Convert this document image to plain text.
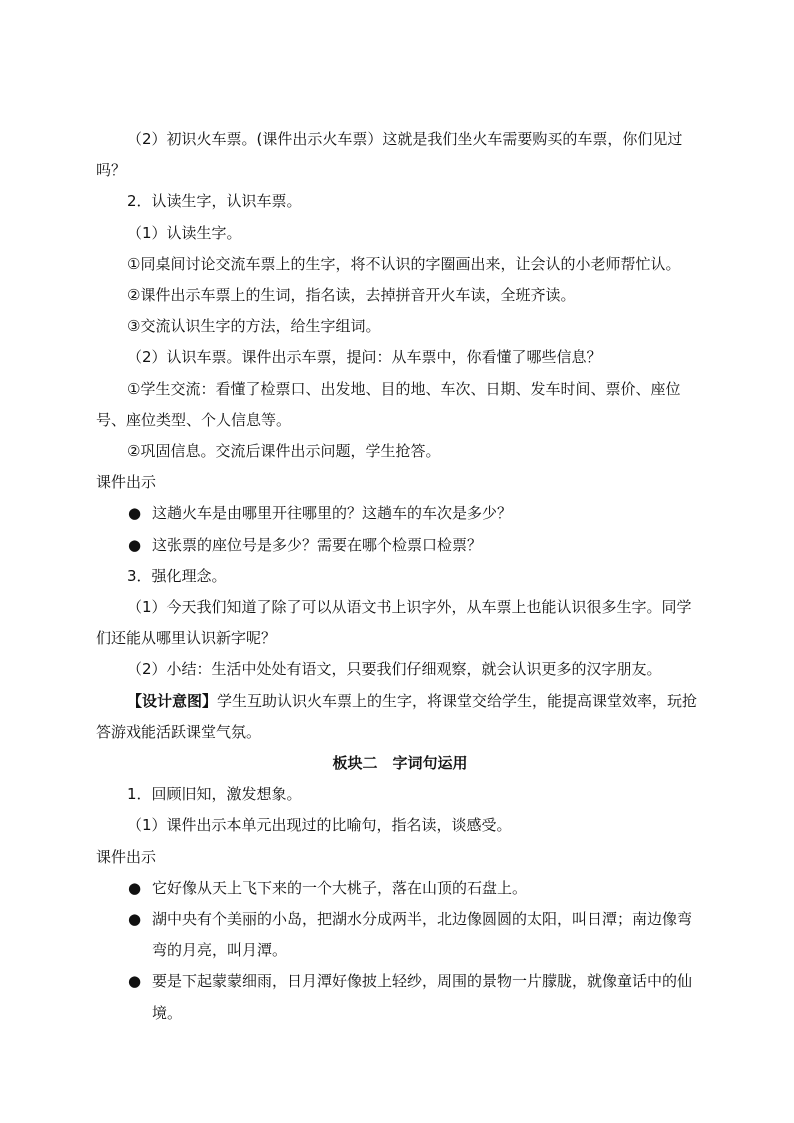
（2）初识火车票。(课件出示火车票）这就是我们坐火车需要购买的车票，你们见过吗？

2．认读生字，认识车票。

（1）认读生字。

①同桌间讨论交流车票上的生字，将不认识的字圈画出来，让会认的小老师帮忙认。

②课件出示车票上的生词，指名读，去掉拼音开火车读，全班齐读。

③交流认识生字的方法，给生字组词。

（2）认识车票。课件出示车票，提问：从车票中，你看懂了哪些信息？

①学生交流：看懂了检票口、出发地、目的地、车次、日期、发车时间、票价、座位号、座位类型、个人信息等。

②巩固信息。交流后课件出示问题，学生抢答。

课件出示

● 这趟火车是由哪里开往哪里的？这趟车的车次是多少？

● 这张票的座位号是多少？需要在哪个检票口检票？

3．强化理念。

（1）今天我们知道了除了可以从语文书上识字外，从车票上也能认识很多生字。同学们还能从哪里认识新字呢？

（2）小结：生活中处处有语文，只要我们仔细观察，就会认识更多的汉字朋友。

【设计意图】学生互助认识火车票上的生字，将课堂交给学生，能提高课堂效率，玩抢答游戏能活跃课堂气氛。

板块二　字词句运用

1．回顾旧知，激发想象。

（1）课件出示本单元出现过的比喻句，指名读，谈感受。

课件出示

● 它好像从天上飞下来的一个大桃子，落在山顶的石盘上。

● 湖中央有个美丽的小岛，把湖水分成两半，北边像圆圆的太阳，叫日潭；南边像弯弯的月亮，叫月潭。

● 要是下起蒙蒙细雨，日月潭好像披上轻纱，周围的景物一片朦胧，就像童话中的仙境。
